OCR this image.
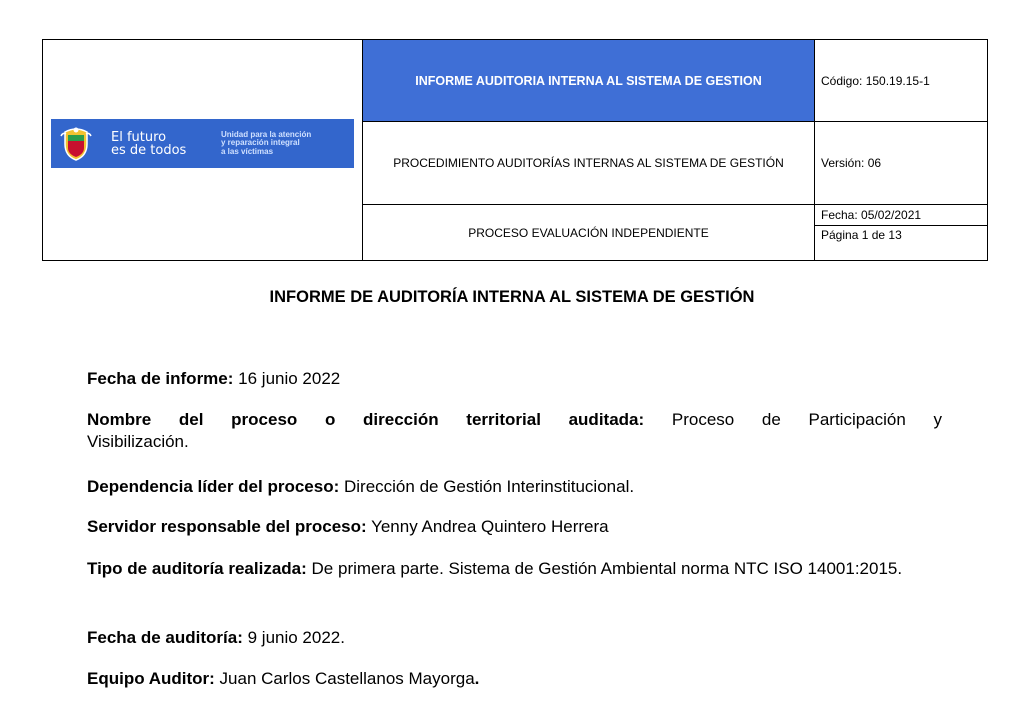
El futuro
es de todos
Unidad para la atención
y reparación integral
a las víctimas
INFORME AUDITORIA INTERNA AL SISTEMA DE GESTION	Código: 150.19.15-1
PROCEDIMIENTO AUDITORÍAS INTERNAS AL SISTEMA DE GESTIÓN	Versión: 06
PROCESO EVALUACIÓN INDEPENDIENTE
Fecha: 05/02/2021
Página 1 de 13
INFORME DE AUDITORÍA INTERNA AL SISTEMA DE GESTIÓN
Fecha de informe: 16 junio 2022
Nombre del proceso o dirección territorial auditada: Proceso de Participación y
Visibilización.
Dependencia líder del proceso: Dirección de Gestión Interinstitucional.
Servidor responsable del proceso: Yenny Andrea Quintero Herrera
Tipo de auditoría realizada: De primera parte. Sistema de Gestión Ambiental norma NTC ISO 14001:2015.
Fecha de auditoría: 9 junio 2022.
Equipo Auditor: Juan Carlos Castellanos Mayorga.
